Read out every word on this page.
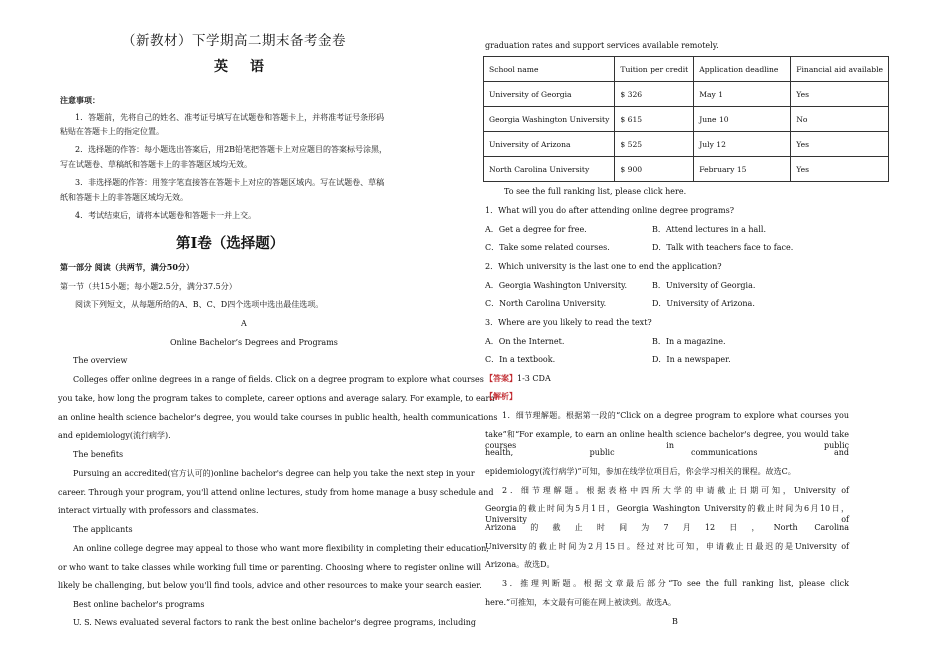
（新教材）下学期高二期末备考金卷
英语
注意事项：
1．答题前，先将自己的姓名、准考证号填写在试题卷和答题卡上，并将准考证号条形码
粘贴在答题卡上的指定位置。
2．选择题的作答：每小题选出答案后，用2B铅笔把答题卡上对应题目的答案标号涂黑，
写在试题卷、草稿纸和答题卡上的非答题区域均无效。
3．非选择题的作答：用签字笔直接答在答题卡上对应的答题区域内。写在试题卷、草稿
纸和答题卡上的非答题区域均无效。
4．考试结束后，请将本试题卷和答题卡一并上交。
第Ⅰ卷（选择题）
第一部分 阅读（共两节，满分50分）
第一节（共15小题；每小题2.5分，满分37.5分）
阅读下列短文，从每题所给的A、B、C、D四个选项中选出最佳选项。
A
Online Bachelor’s Degrees and Programs
The overview
Colleges offer online degrees in a range of fields. Click on a degree program to explore what courses
you take, how long the program takes to complete, career options and average salary. For example, to earn
an online health science bachelor's degree, you would take courses in public health, health communications
and epidemiology(流行病学).
The benefits
Pursuing an accredited(官方认可的)online bachelor's degree can help you take the next step in your
career. Through your program, you'll attend online lectures, study from home manage a busy schedule and
interact virtually with professors and classmates.
The applicants
An online college degree may appeal to those who want more flexibility in completing their education,
or who want to take classes while working full time or parenting. Choosing where to register online will
likely be challenging, but below you'll find tools, advice and other resources to make your search easier.
Best online bachelor's programs
U. S. News evaluated several factors to rank the best online bachelor's degree programs, including
graduation rates and support services available remotely.
School name	Tuition per credit	Application deadline	Financial aid available
University of Georgia	$ 326	May 1	Yes
Georgia Washington University	$ 615	June 10	No
University of Arizona	$ 525	July 12	Yes
North Carolina University	$ 900	February 15	Yes
To see the full ranking list, please click here.
1．What will you do after attending online degree programs?
A．Get a degree for free.	B．Attend lectures in a hall.
C．Take some related courses.	D．Talk with teachers face to face.
2．Which university is the last one to end the application?
A．Georgia Washington University.	B．University of Georgia.
C．North Carolina University.	D．University of Arizona.
3．Where are you likely to read the text?
A．On the Internet.	B．In a magazine.
C．In a textbook.	D．In a newspaper.
【答案】1-3 CDA
【解析】
1．细节理解题。根据第一段的“Click on a degree program to explore what courses you
take”和“For example, to earn an online health science bachelor's degree, you would take courses in public
health, public communications and
epidemiology(流行病学)”可知，参加在线学位项目后，你会学习相关的课程。故选C。
2．细节理解题。根据表格中四所大学的申请截止日期可知，University of
Georgia的截止时间为5月1日，Georgia Washington University的截止时间为6月10日，University of
Arizona的截止时间为7月12日，North Carolina
University的截止时间为2月15日。经过对比可知，申请截止日最迟的是University of
Arizona。故选D。
3．推理判断题。根据文章最后部分“To see the full ranking list, please click
here.”可推知，本文最有可能在网上被读到。故选A。
B
